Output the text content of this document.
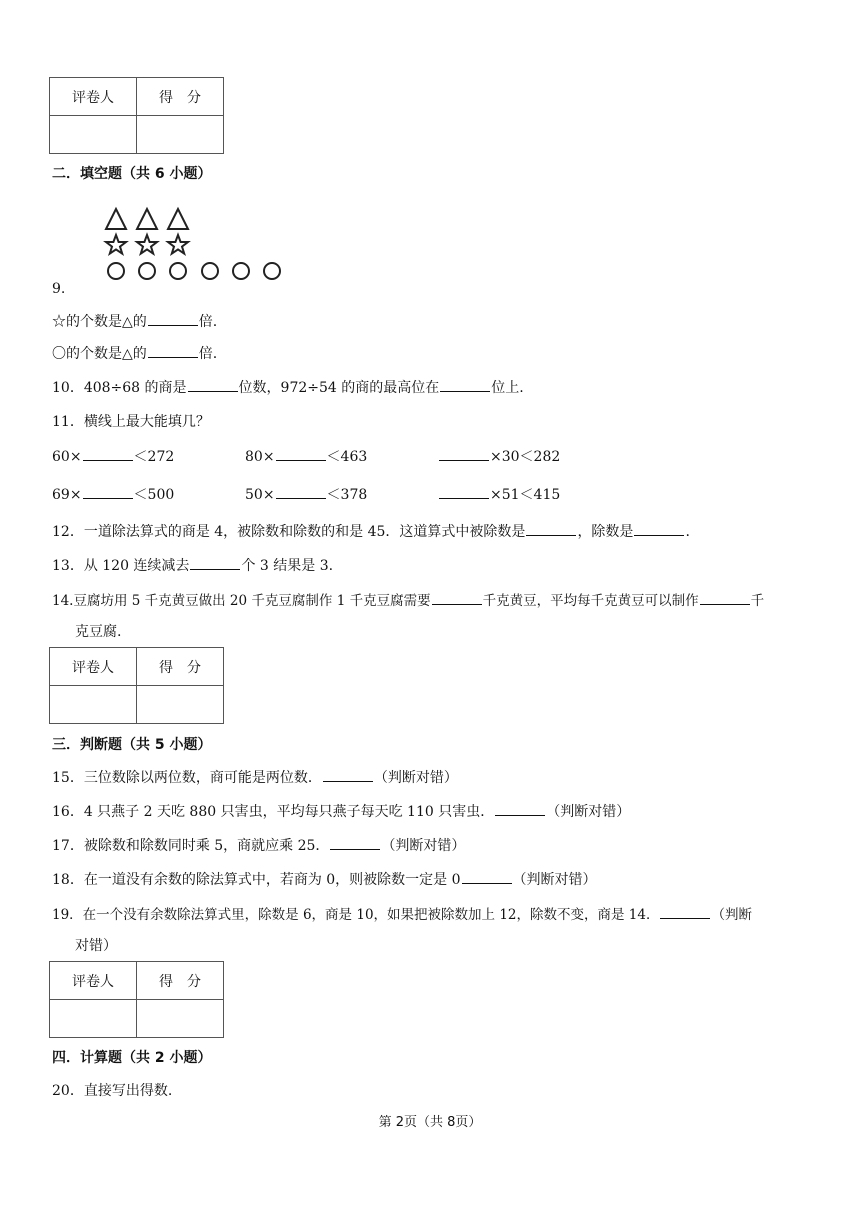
评卷人	得　分

二．填空题（共 6 小题）
9.
☆的个数是△的	倍.
〇的个数是△的	倍.
10．408÷68 的商是	位数，972÷54 的商的最高位在	位上.
11．横线上最大能填几？
60×	＜272	80×	＜463	×30＜282
69×	＜500	50×	＜378	×51＜415
12．一道除法算式的商是 4，被除数和除数的和是 45．这道算式中被除数是	，除数是	.
13．从 120 连续减去	个 3 结果是 3.
14.豆腐坊用 5 千克黄豆做出 20 千克豆腐制作 1 千克豆腐需要	千克黄豆，平均每千克黄豆可以制作	千
克豆腐.
评卷人	得　分

三．判断题（共 5 小题）
15．三位数除以两位数，商可能是两位数．	（判断对错）
16．4 只燕子 2 天吃 880 只害虫，平均每只燕子每天吃 110 只害虫．	（判断对错）
17．被除数和除数同时乘 5，商就应乘 25．	（判断对错）
18．在一道没有余数的除法算式中，若商为 0，则被除数一定是 0	（判断对错）
19．在一个没有余数除法算式里，除数是 6，商是 10，如果把被除数加上 12，除数不变，商是 14．	（判断
对错）
评卷人	得　分

四．计算题（共 2 小题）
20．直接写出得数.
第 2页（共 8页）
